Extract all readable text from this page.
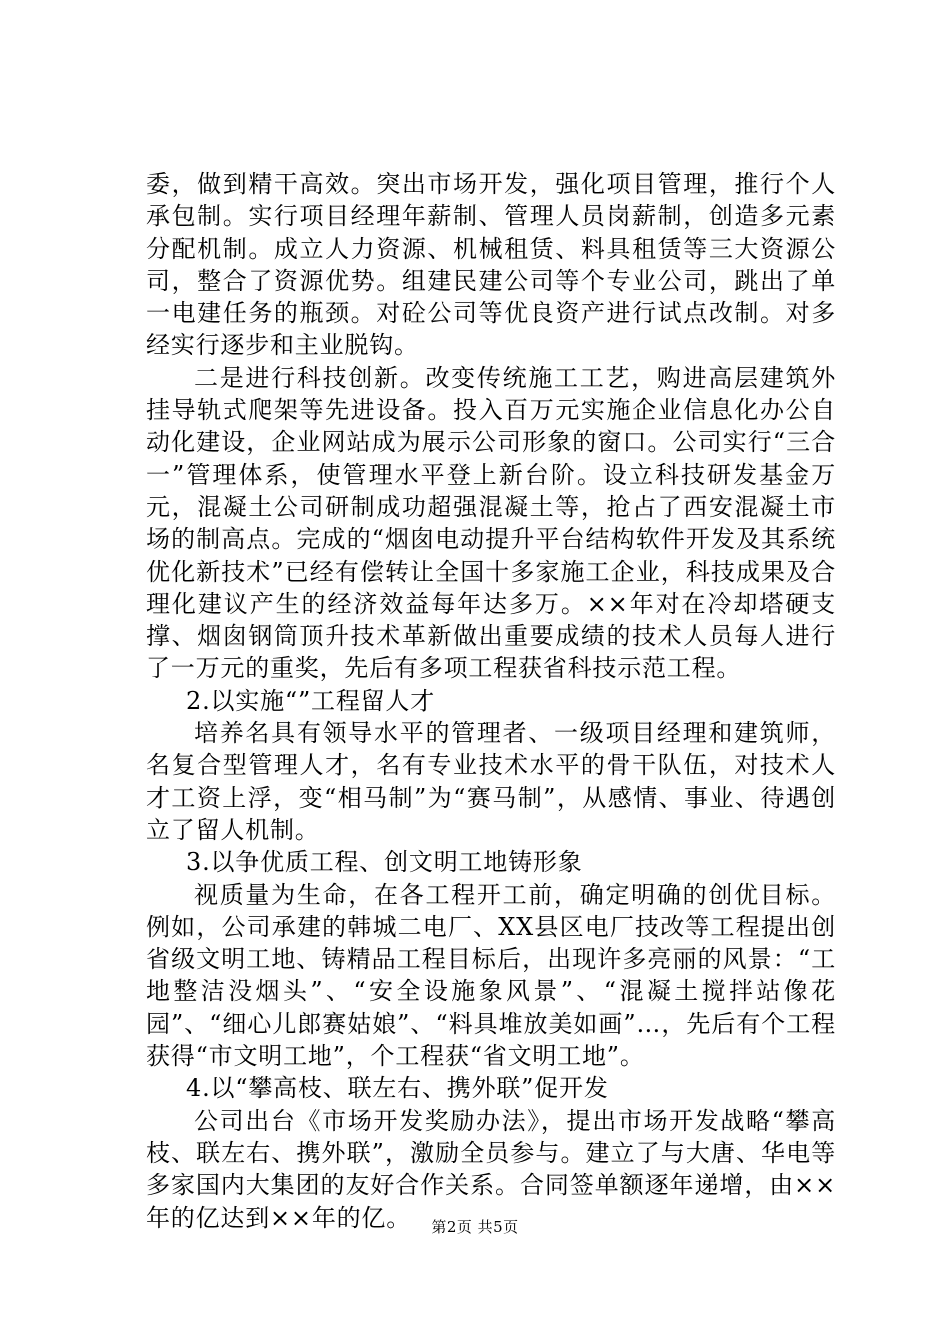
委，做到精干高效。突出市场开发，强化项目管理，推行个人承包制。实行项目经理年薪制、管理人员岗薪制，创造多元素分配机制。成立人力资源、机械租赁、料具租赁等三大资源公司，整合了资源优势。组建民建公司等个专业公司，跳出了单一电建任务的瓶颈。对砼公司等优良资产进行试点改制。对多经实行逐步和主业脱钩。

二是进行科技创新。改变传统施工工艺，购进高层建筑外挂导轨式爬架等先进设备。投入百万元实施企业信息化办公自动化建设，企业网站成为展示公司形象的窗口。公司实行“三合一”管理体系，使管理水平登上新台阶。设立科技研发基金万元，混凝土公司研制成功超强混凝土等，抢占了西安混凝土市场的制高点。完成的“烟囱电动提升平台结构软件开发及其系统优化新技术”已经有偿转让全国十多家施工企业，科技成果及合理化建议产生的经济效益每年达多万。××年对在冷却塔硬支撑、烟囱钢筒顶升技术革新做出重要成绩的技术人员每人进行了一万元的重奖，先后有多项工程获省科技示范工程。

2.以实施“”工程留人才

培养名具有领导水平的管理者、一级项目经理和建筑师，名复合型管理人才，名有专业技术水平的骨干队伍，对技术人才工资上浮，变“相马制”为“赛马制”，从感情、事业、待遇创立了留人机制。

3.以争优质工程、创文明工地铸形象

视质量为生命，在各工程开工前，确定明确的创优目标。例如，公司承建的韩城二电厂、XX县区电厂技改等工程提出创省级文明工地、铸精品工程目标后，出现许多亮丽的风景：“工地整洁没烟头”、“安全设施象风景”、“混凝土搅拌站像花园”、“细心儿郎赛姑娘”、“料具堆放美如画”…，先后有个工程获得“市文明工地”，个工程获“省文明工地”。

4.以“攀高枝、联左右、携外联”促开发

公司出台《市场开发奖励办法》，提出市场开发战略“攀高枝、联左右、携外联”，激励全员参与。建立了与大唐、华电等多家国内大集团的友好合作关系。合同签单额逐年递增，由××年的亿达到××年的亿。	第2页 共5页
